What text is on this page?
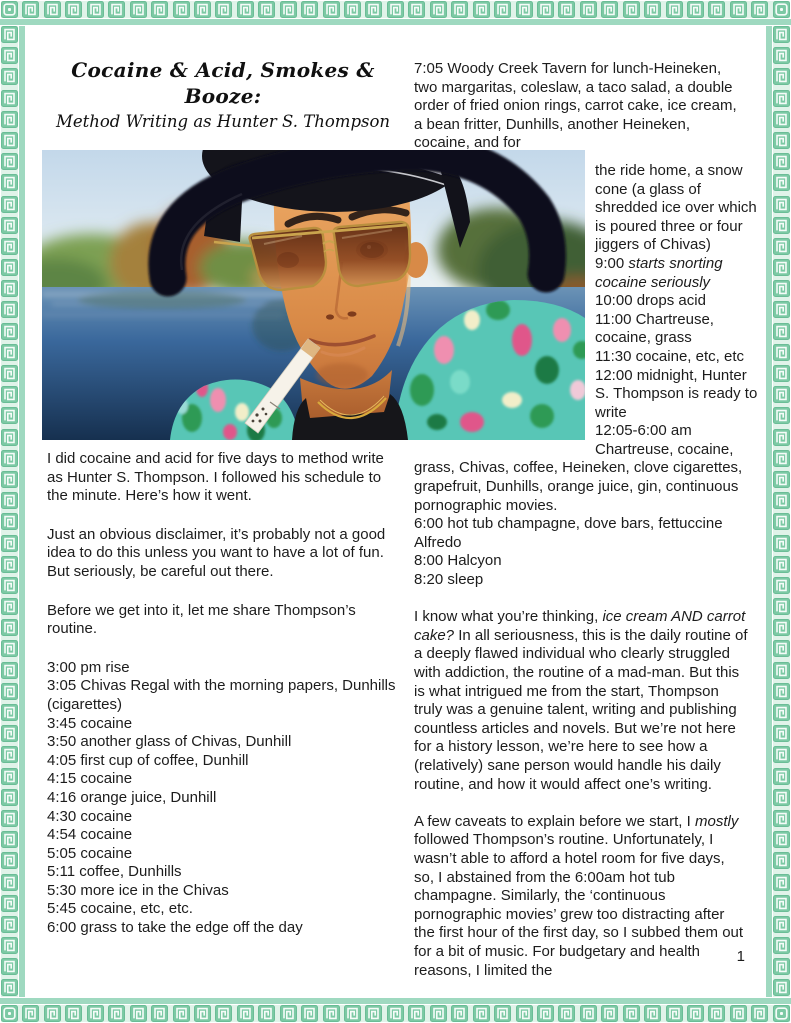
Cocaine & Acid, Smokes &
Booze:
Method Writing as Hunter S. Thompson

I did cocaine and acid for five days to method write as Hunter S. Thompson. I followed his schedule to the minute. Here’s how it went.

Just an obvious disclaimer, it’s probably not a good idea to do this unless you want to have a lot of fun. But seriously, be careful out there.

Before we get into it, let me share Thompson’s routine.

3:00 pm rise
3:05 Chivas Regal with the morning papers, Dunhills (cigarettes)
3:45 cocaine
3:50 another glass of Chivas, Dunhill
4:05 first cup of coffee, Dunhill
4:15 cocaine
4:16 orange juice, Dunhill
4:30 cocaine
4:54 cocaine
5:05 cocaine
5:11 coffee, Dunhills
5:30 more ice in the Chivas
5:45 cocaine, etc, etc.
6:00 grass to take the edge off the day

7:05 Woody Creek Tavern for lunch-Heineken, two margaritas, coleslaw, a taco salad, a double order of fried onion rings, carrot cake, ice cream, a bean fritter, Dunhills, another Heineken, cocaine, and for

the ride home, a snow
cone (a glass of
shredded ice over which
is poured three or four
jiggers of Chivas)
9:00 starts snorting
cocaine seriously
10:00 drops acid
11:00 Chartreuse,
cocaine, grass
11:30 cocaine, etc, etc
12:00 midnight, Hunter
S. Thompson is ready to
write
12:05-6:00 am
Chartreuse, cocaine,
grass, Chivas, coffee, Heineken, clove cigarettes, grapefruit, Dunhills, orange juice, gin, continuous pornographic movies.
6:00 hot tub champagne, dove bars, fettuccine Alfredo
8:00 Halcyon
8:20 sleep
I know what you’re thinking, ice cream AND carrot cake? In all seriousness, this is the daily routine of a deeply flawed individual who clearly struggled with addiction, the routine of a mad-man. But this is what intrigued me from the start, Thompson truly was a genuine talent, writing and publishing countless articles and novels. But we’re not here for a history lesson, we’re here to see how a (relatively) sane person would handle his daily routine, and how it would affect one’s writing.
A few caveats to explain before we start, I mostly followed Thompson’s routine. Unfortunately, I wasn’t able to afford a hotel room for five days, so, I abstained from the 6:00am hot tub champagne. Similarly, the ‘continuous pornographic movies’ grew too distracting after the first hour of the first day, so I subbed them out for a bit of music. For budgetary and health reasons, I limited the
1
